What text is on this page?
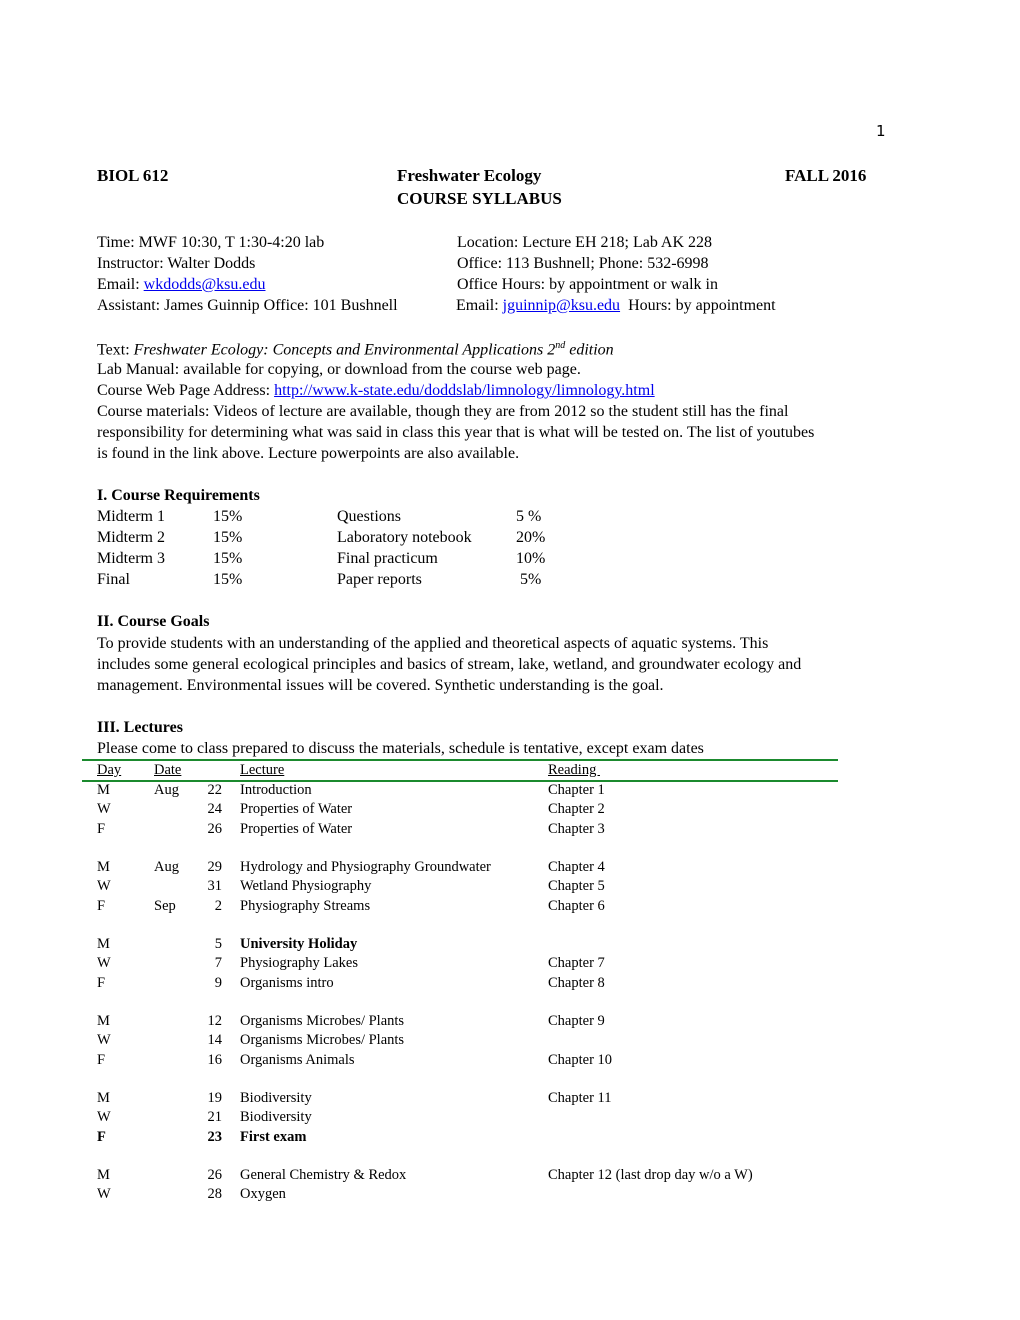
1
BIOL 612	Freshwater Ecology	FALL 2016
COURSE SYLLABUS
Time: MWF 10:30, T 1:30-4:20 lab	Location: Lecture EH 218; Lab AK 228
Instructor: Walter Dodds	Office: 113 Bushnell; Phone: 532-6998
Email: wkdodds@ksu.edu	Office Hours: by appointment or walk in
Assistant: James Guinnip Office: 101 Bushnell	Email: jguinnip@ksu.edu  Hours: by appointment
Text: Freshwater Ecology: Concepts and Environmental Applications 2nd edition
Lab Manual: available for copying, or download from the course web page.
Course Web Page Address: http://www.k-state.edu/doddslab/limnology/limnology.html
Course materials: Videos of lecture are available, though they are from 2012 so the student still has the final
responsibility for determining what was said in class this year that is what will be tested on. The list of youtubes
is found in the link above. Lecture powerpoints are also available.
I. Course Requirements
Midterm 1	15%	Questions	5 %
Midterm 2	15%	Laboratory notebook	20%
Midterm 3	15%	Final practicum	10%
Final	15%	Paper reports	5%
II. Course Goals
To provide students with an understanding of the applied and theoretical aspects of aquatic systems. This
includes some general ecological principles and basics of stream, lake, wetland, and groundwater ecology and
management. Environmental issues will be covered. Synthetic understanding is the goal.
III. Lectures
Please come to class prepared to discuss the materials, schedule is tentative, except exam dates
Day Date	Lecture	Reading
M	Aug 22 Introduction	Chapter 1
W	24 Properties of Water	Chapter 2
F	26 Properties of Water	Chapter 3
M	Aug 29 Hydrology and Physiography Groundwater	Chapter 4
W	31 Wetland Physiography	Chapter 5
F	Sep	2 Physiography Streams	Chapter 6
M	5 University Holiday
W	7 Physiography Lakes	Chapter 7
F	9 Organisms intro	Chapter 8
M	12 Organisms Microbes/ Plants	Chapter 9
W	14 Organisms Microbes/ Plants
F	16 Organisms Animals	Chapter 10
M	19 Biodiversity	Chapter 11
W	21 Biodiversity
F	23 First exam
M	26 General Chemistry & Redox	Chapter 12 (last drop day w/o a W)
W	28 Oxygen
